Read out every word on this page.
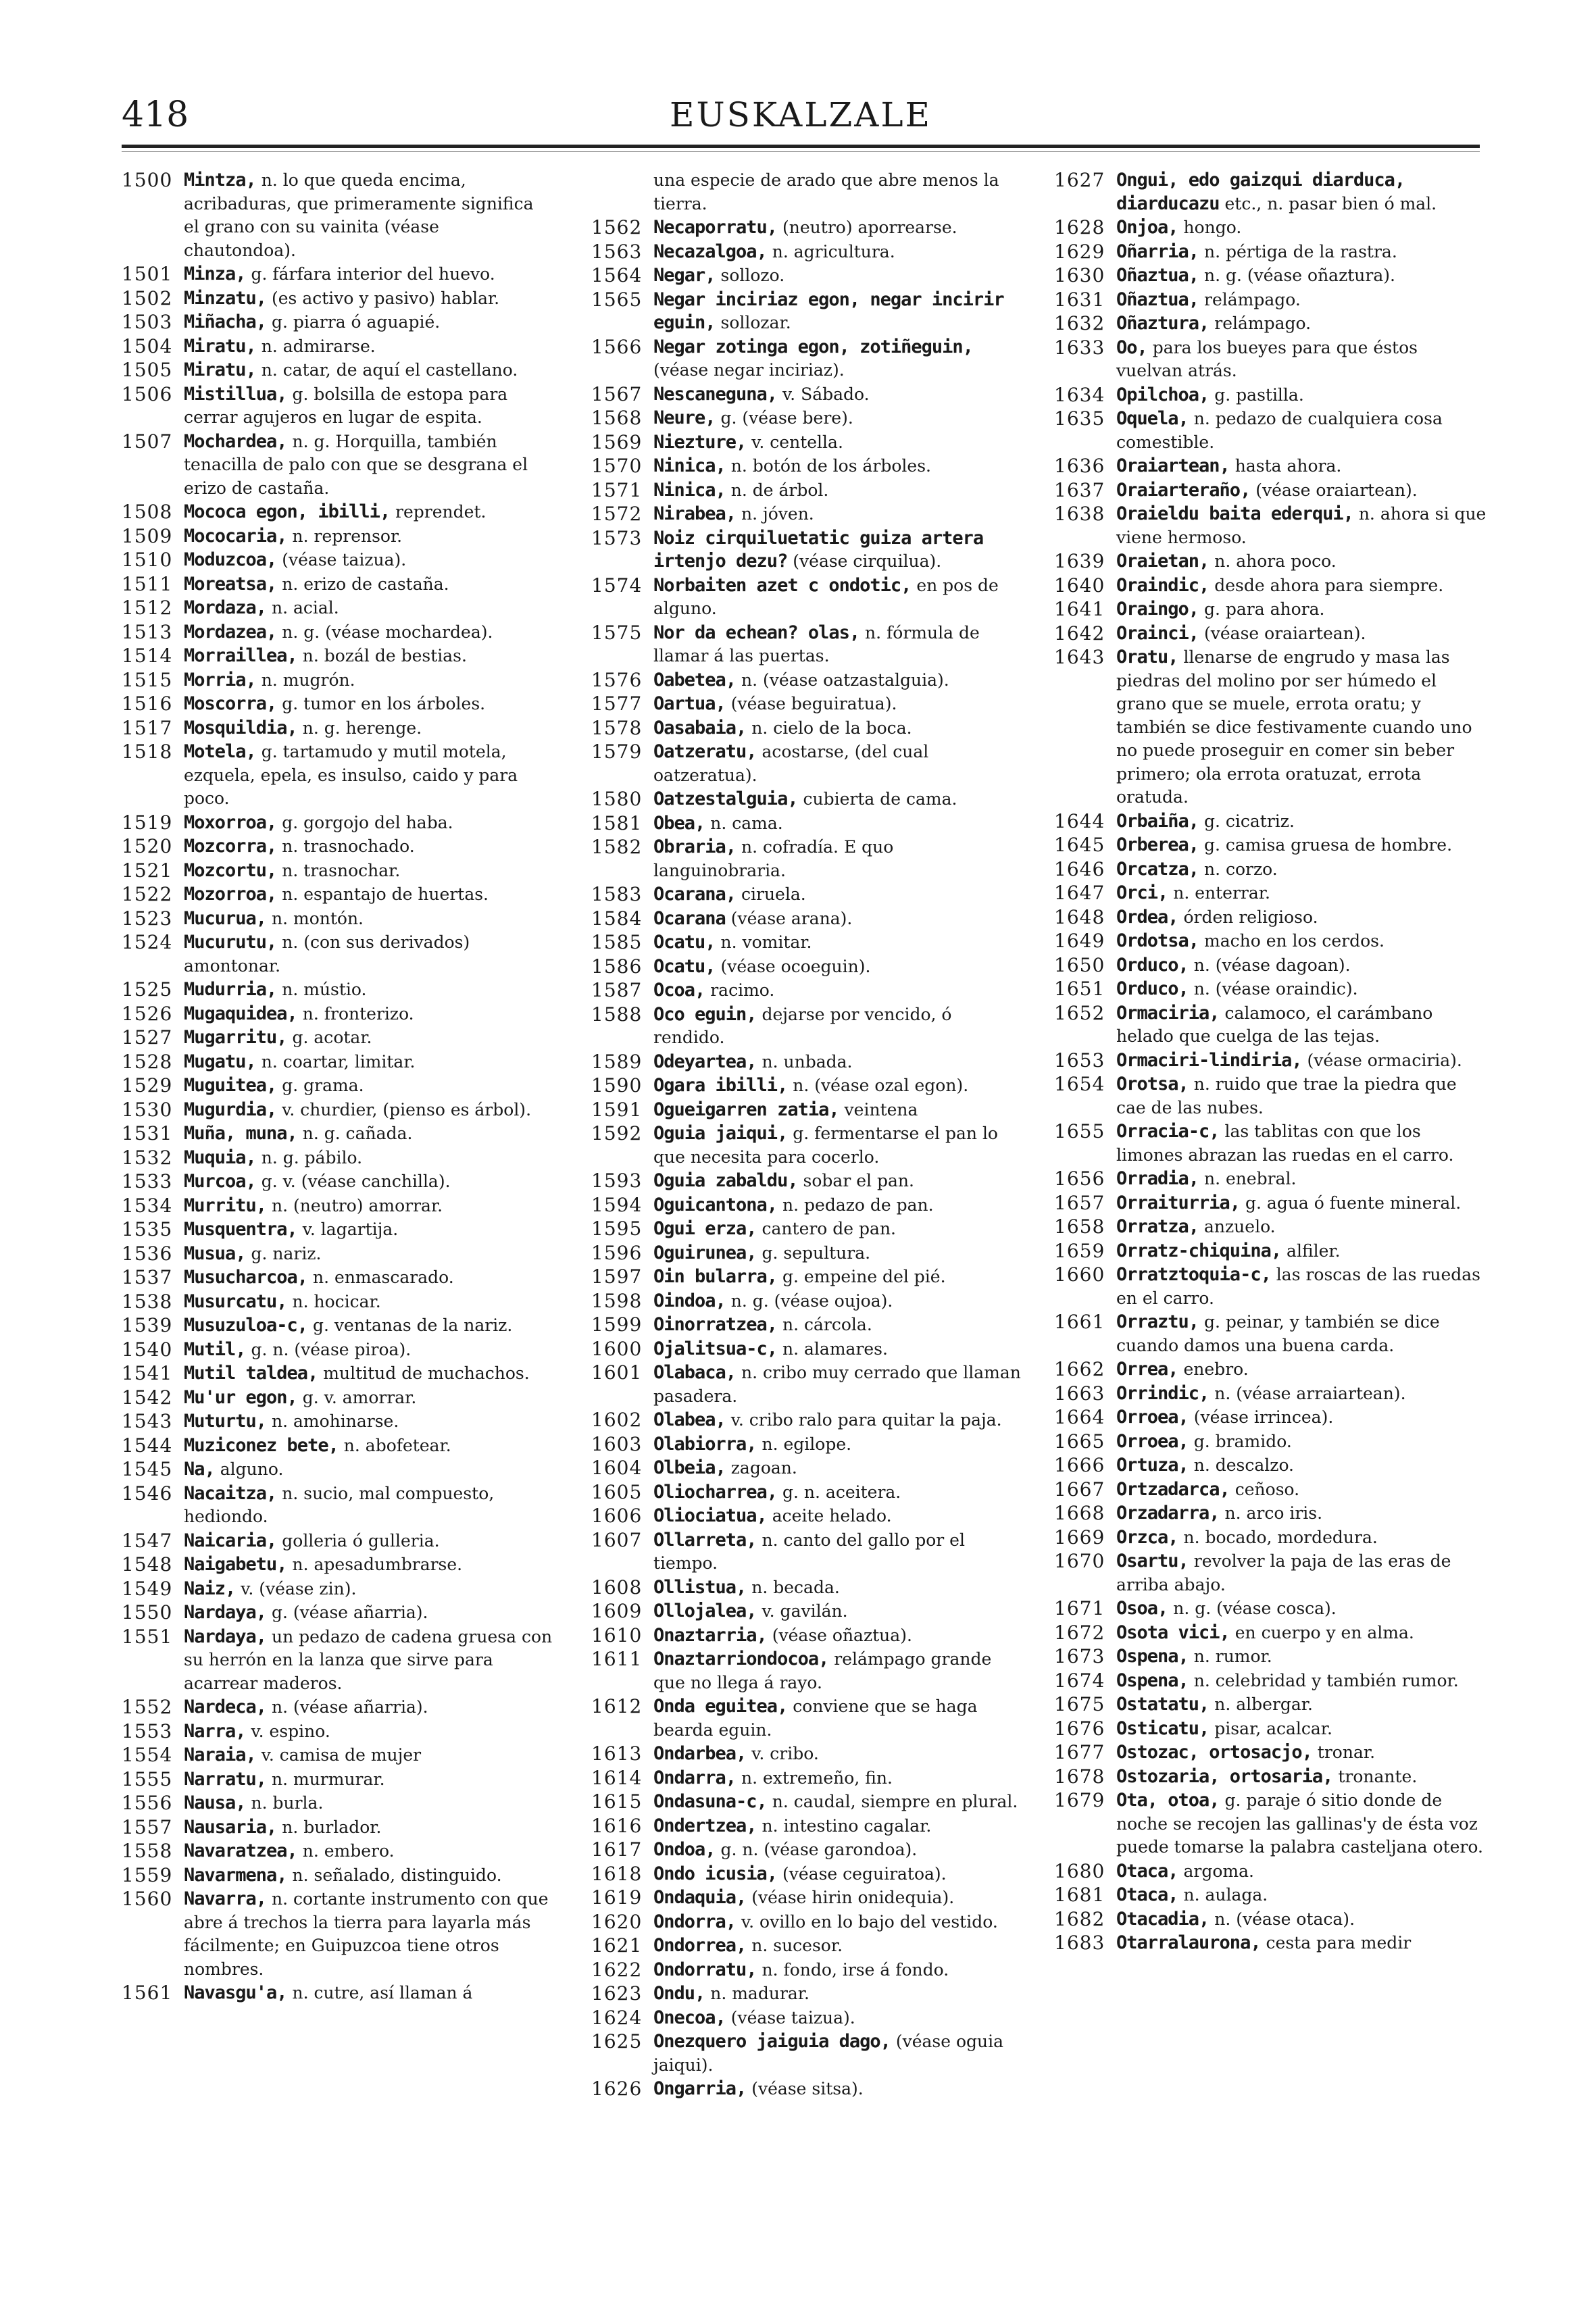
418	EUSKALZALE
1500 Mintza, n. lo que queda encima, acribaduras, que primeramente significa el grano con su vainita (véase chautondoa).
1501 Minza, g. fárfara interior del huevo.
1502 Minzatu, (es activo y pasivo) hablar.
1503 Miñacha, g. piarra ó aguapié.
1504 Miratu, n. admirarse.
1505 Miratu, n. catar, de aquí el castellano.
1506 Mistillua, g. bolsilla de estopa para cerrar agujeros en lugar de espita.
1507 Mochardea, n. g. Horquilla, también tenacilla de palo con que se desgrana el erizo de castaña.
1508 Mococa egon, ibilli, reprendet.
1509 Mococaria, n. reprensor.
1510 Moduzcoa, (véase taizua).
1511 Moreatsa, n. erizo de castaña.
1512 Mordaza, n. acial.
1513 Mordazea, n. g. (véase mochardea).
1514 Morraillea, n. bozál de bestias.
1515 Morria, n. mugrón.
1516 Moscorra, g. tumor en los árboles.
1517 Mosquildia, n. g. herenge.
1518 Motela, g. tartamudo y mutil motela, ezquela, epela, es insulso, caido y para poco.
1519 Moxorroa, g. gorgojo del haba.
1520 Mozcorra, n. trasnochado.
1521 Mozcortu, n. trasnochar.
1522 Mozorroa, n. espantajo de huertas.
1523 Mucurua, n. montón.
1524 Mucurutu, n. (con sus derivados) amontonar.
1525 Mudurria, n. mústio.
1526 Mugaquidea, n. fronterizo.
1527 Mugarritu, g. acotar.
1528 Mugatu, n. coartar, limitar.
1529 Muguitea, g. grama.
1530 Mugurdia, v. churdier, (pienso es árbol).
1531 Muña, muna, n. g. cañada.
1532 Muquia, n. g. pábilo.
1533 Murcoa, g. v. (véase canchilla).
1534 Murritu, n. (neutro) amorrar.
1535 Musquentra, v. lagartija.
1536 Musua, g. nariz.
1537 Musucharcoa, n. enmascarado.
1538 Musurcatu, n. hocicar.
1539 Musuzuloa-c, g. ventanas de la nariz.
1540 Mutil, g. n. (véase piroa).
1541 Mutil taldea, multitud de muchachos.
1542 Mu'ur egon, g. v. amorrar.
1543 Muturtu, n. amohinarse.
1544 Muziconez bete, n. abofetear.
1545 Na, alguno.
1546 Nacaitza, n. sucio, mal compuesto, hediondo.
1547 Naicaria, golleria ó gulleria.
1548 Naigabetu, n. apesadumbrarse.
1549 Naiz, v. (véase zin).
1550 Nardaya, g. (véase añarria).
1551 Nardaya, un pedazo de cadena gruesa con su herrón en la lanza que sirve para acarrear maderos.
1552 Nardeca, n. (véase añarria).
1553 Narra, v. espino.
1554 Naraia, v. camisa de mujer
1555 Narratu, n. murmurar.
1556 Nausa, n. burla.
1557 Nausaria, n. burlador.
1558 Navaratzea, n. embero.
1559 Navarmena, n. señalado, distinguido.
1560 Navarra, n. cortante instrumento con que abre á trechos la tierra para layarla más fácilmente; en Guipuzcoa tiene otros nombres.
1561 Navasgu'a, n. cutre, así llaman á
una especie de arado que abre menos la tierra.
1562 Necaporratu, (neutro) aporrearse.
1563 Necazalgoa, n. agricultura.
1564 Negar, sollozo.
1565 Negar inciriaz egon, negar incirir eguin, sollozar.
1566 Negar zotinga egon, zotiñeguin, (véase negar inciriaz).
1567 Nescaneguna, v. Sábado.
1568 Neure, g. (véase bere).
1569 Niezture, v. centella.
1570 Ninica, n. botón de los árboles.
1571 Ninica, n. de árbol.
1572 Nirabea, n. jóven.
1573 Noiz cirquiluetatic guiza artera irtenjo dezu? (véase cirquilua).
1574 Norbaiten azet c ondotic, en pos de alguno.
1575 Nor da echean? olas, n. fórmula de llamar á las puertas.
1576 Oabetea, n. (véase oatzastalguia).
1577 Oartua, (véase beguiratua).
1578 Oasabaia, n. cielo de la boca.
1579 Oatzeratu, acostarse, (del cual oatzeratua).
1580 Oatzestalguia, cubierta de cama.
1581 Obea, n. cama.
1582 Obraria, n. cofradía. E quo languinobraria.
1583 Ocarana, ciruela.
1584 Ocarana (véase arana).
1585 Ocatu, n. vomitar.
1586 Ocatu, (véase ocoeguin).
1587 Ocoa, racimo.
1588 Oco eguin, dejarse por vencido, ó rendido.
1589 Odeyartea, n. unbada.
1590 Ogara ibilli, n. (véase ozal egon).
1591 Ogueigarren zatia, veintena
1592 Oguia jaiqui, g. fermentarse el pan lo que necesita para cocerlo.
1593 Oguia zabaldu, sobar el pan.
1594 Oguicantona, n. pedazo de pan.
1595 Ogui erza, cantero de pan.
1596 Oguirunea, g. sepultura.
1597 Oin bularra, g. empeine del pié.
1598 Oindoa, n. g. (véase oujoa).
1599 Oinorratzea, n. cárcola.
1600 Ojalitsua-c, n. alamares.
1601 Olabaca, n. cribo muy cerrado que llaman pasadera.
1602 Olabea, v. cribo ralo para quitar la paja.
1603 Olabiorra, n. egilope.
1604 Olbeia, zagoan.
1605 Oliocharrea, g. n. aceitera.
1606 Oliociatua, aceite helado.
1607 Ollarreta, n. canto del gallo por el tiempo.
1608 Ollistua, n. becada.
1609 Ollojalea, v. gavilán.
1610 Onaztarria, (véase oñaztua).
1611 Onaztarriondocoa, relámpago grande que no llega á rayo.
1612 Onda eguitea, conviene que se haga bearda eguin.
1613 Ondarbea, v. cribo.
1614 Ondarra, n. extremeño, fin.
1615 Ondasuna-c, n. caudal, siempre en plural.
1616 Ondertzea, n. intestino cagalar.
1617 Ondoa, g. n. (véase garondoa).
1618 Ondo icusia, (véase ceguiratoa).
1619 Ondaquia, (véase hirin onidequia).
1620 Ondorra, v. ovillo en lo bajo del vestido.
1621 Ondorrea, n. sucesor.
1622 Ondorratu, n. fondo, irse á fondo.
1623 Ondu, n. madurar.
1624 Onecoa, (véase taizua).
1625 Onezquero jaiguia dago, (véase oguia jaiqui).
1626 Ongarria, (véase sitsa).
1627 Ongui, edo gaizqui diarduca, diarducazu etc., n. pasar bien ó mal.
1628 Onjoa, hongo.
1629 Oñarria, n. pértiga de la rastra.
1630 Oñaztua, n. g. (véase oñaztura).
1631 Oñaztua, relámpago.
1632 Oñaztura, relámpago.
1633 Oo, para los bueyes para que éstos vuelvan atrás.
1634 Opilchoa, g. pastilla.
1635 Oquela, n. pedazo de cualquiera cosa comestible.
1636 Oraiartean, hasta ahora.
1637 Oraiarteraño, (véase oraiartean).
1638 Oraieldu baita ederqui, n. ahora si que viene hermoso.
1639 Oraietan, n. ahora poco.
1640 Oraindic, desde ahora para siempre.
1641 Oraingo, g. para ahora.
1642 Orainci, (véase oraiartean).
1643 Oratu, llenarse de engrudo y masa las piedras del molino por ser húmedo el grano que se muele, errota oratu; y también se dice festivamente cuando uno no puede proseguir en comer sin beber primero; ola errota oratuzat, errota oratuda.
1644 Orbaiña, g. cicatriz.
1645 Orberea, g. camisa gruesa de hombre.
1646 Orcatza, n. corzo.
1647 Orci, n. enterrar.
1648 Ordea, órden religioso.
1649 Ordotsa, macho en los cerdos.
1650 Orduco, n. (véase dagoan).
1651 Orduco, n. (véase oraindic).
1652 Ormaciria, calamoco, el carámbano helado que cuelga de las tejas.
1653 Ormaciri-lindiria, (véase ormaciria).
1654 Orotsa, n. ruido que trae la piedra que cae de las nubes.
1655 Orracia-c, las tablitas con que los limones abrazan las ruedas en el carro.
1656 Orradia, n. enebral.
1657 Orraiturria, g. agua ó fuente mineral.
1658 Orratza, anzuelo.
1659 Orratz-chiquina, alfiler.
1660 Orratztoquia-c, las roscas de las ruedas en el carro.
1661 Orraztu, g. peinar, y también se dice cuando damos una buena carda.
1662 Orrea, enebro.
1663 Orrindic, n. (véase arraiartean).
1664 Orroea, (véase irrincea).
1665 Orroea, g. bramido.
1666 Ortuza, n. descalzo.
1667 Ortzadarca, ceñoso.
1668 Orzadarra, n. arco iris.
1669 Orzca, n. bocado, mordedura.
1670 Osartu, revolver la paja de las eras de arriba abajo.
1671 Osoa, n. g. (véase cosca).
1672 Osota vici, en cuerpo y en alma.
1673 Ospena, n. rumor.
1674 Ospena, n. celebridad y también rumor.
1675 Ostatatu, n. albergar.
1676 Osticatu, pisar, acalcar.
1677 Ostozac, ortosacjo, tronar.
1678 Ostozaria, ortosaria, tronante.
1679 Ota, otoa, g. paraje ó sitio donde de noche se recojen las gallinas'y de ésta voz puede tomarse la palabra casteljana otero.
1680 Otaca, argoma.
1681 Otaca, n. aulaga.
1682 Otacadia, n. (véase otaca).
1683 Otarralaurona, cesta para medir
